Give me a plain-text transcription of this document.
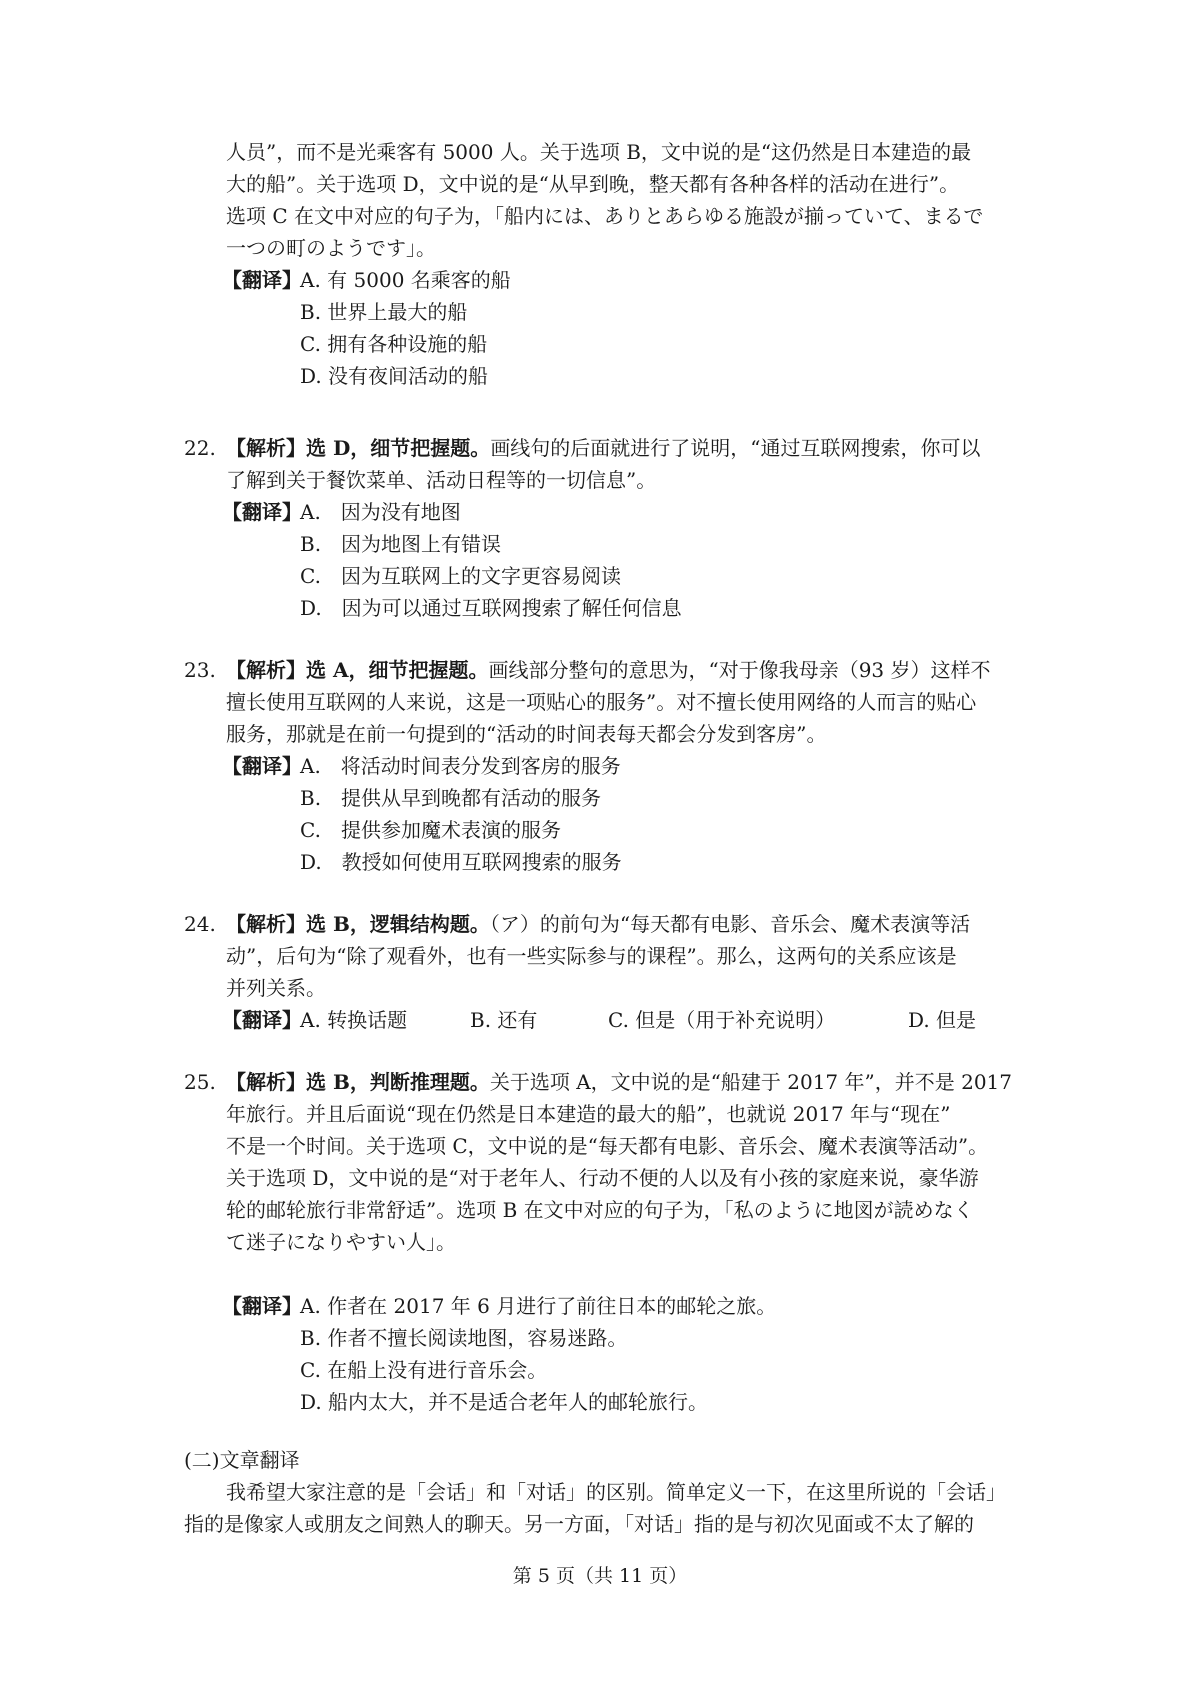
人员”，而不是光乘客有 5000 人。关于选项 B，文中说的是“这仍然是日本建造的最
大的船”。关于选项 D，文中说的是“从早到晚，整天都有各种各样的活动在进行”。
选项 C 在文中对应的句子为，「船内には、ありとあらゆる施設が揃っていて、まるで
一つの町のようです」。
【翻译】
A. 有 5000 名乘客的船
B. 世界上最大的船
C. 拥有各种设施的船
D. 没有夜间活动的船
22. 【解析】选 D，细节把握题。画线句的后面就进行了说明，“通过互联网搜索，你可以
了解到关于餐饮菜单、活动日程等的一切信息”。
【翻译】
A.　因为没有地图
B.　因为地图上有错误
C.　因为互联网上的文字更容易阅读
D.　因为可以通过互联网搜索了解任何信息
23. 【解析】选 A，细节把握题。画线部分整句的意思为，“对于像我母亲（93 岁）这样不
擅长使用互联网的人来说，这是一项贴心的服务”。对不擅长使用网络的人而言的贴心
服务，那就是在前一句提到的“活动的时间表每天都会分发到客房”。
【翻译】
A.　将活动时间表分发到客房的服务
B.　提供从早到晚都有活动的服务
C.　提供参加魔术表演的服务
D.　教授如何使用互联网搜索的服务
24. 【解析】选 B，逻辑结构题。（ア）的前句为“每天都有电影、音乐会、魔术表演等活
动”，后句为“除了观看外，也有一些实际参与的课程”。那么，这两句的关系应该是
并列关系。
【翻译】
A. 转换话题	B. 还有	C. 但是（用于补充说明）	D. 但是
25. 【解析】选 B，判断推理题。关于选项 A，文中说的是“船建于 2017 年”，并不是 2017
年旅行。并且后面说“现在仍然是日本建造的最大的船”，也就说 2017 年与“现在”
不是一个时间。关于选项 C，文中说的是“每天都有电影、音乐会、魔术表演等活动”。
关于选项 D，文中说的是“对于老年人、行动不便的人以及有小孩的家庭来说，豪华游
轮的邮轮旅行非常舒适”。选项 B 在文中对应的句子为，「私のように地図が読めなく
て迷子になりやすい人」。
【翻译】
A. 作者在 2017 年 6 月进行了前往日本的邮轮之旅。
B. 作者不擅长阅读地图，容易迷路。
C. 在船上没有进行音乐会。
D. 船内太大，并不是适合老年人的邮轮旅行。
(二)文章翻译
我希望大家注意的是「会话」和「对话」的区别。简单定义一下，在这里所说的「会话」
指的是像家人或朋友之间熟人的聊天。另一方面，「对话」指的是与初次见面或不太了解的
第 5 页（共 11 页）
